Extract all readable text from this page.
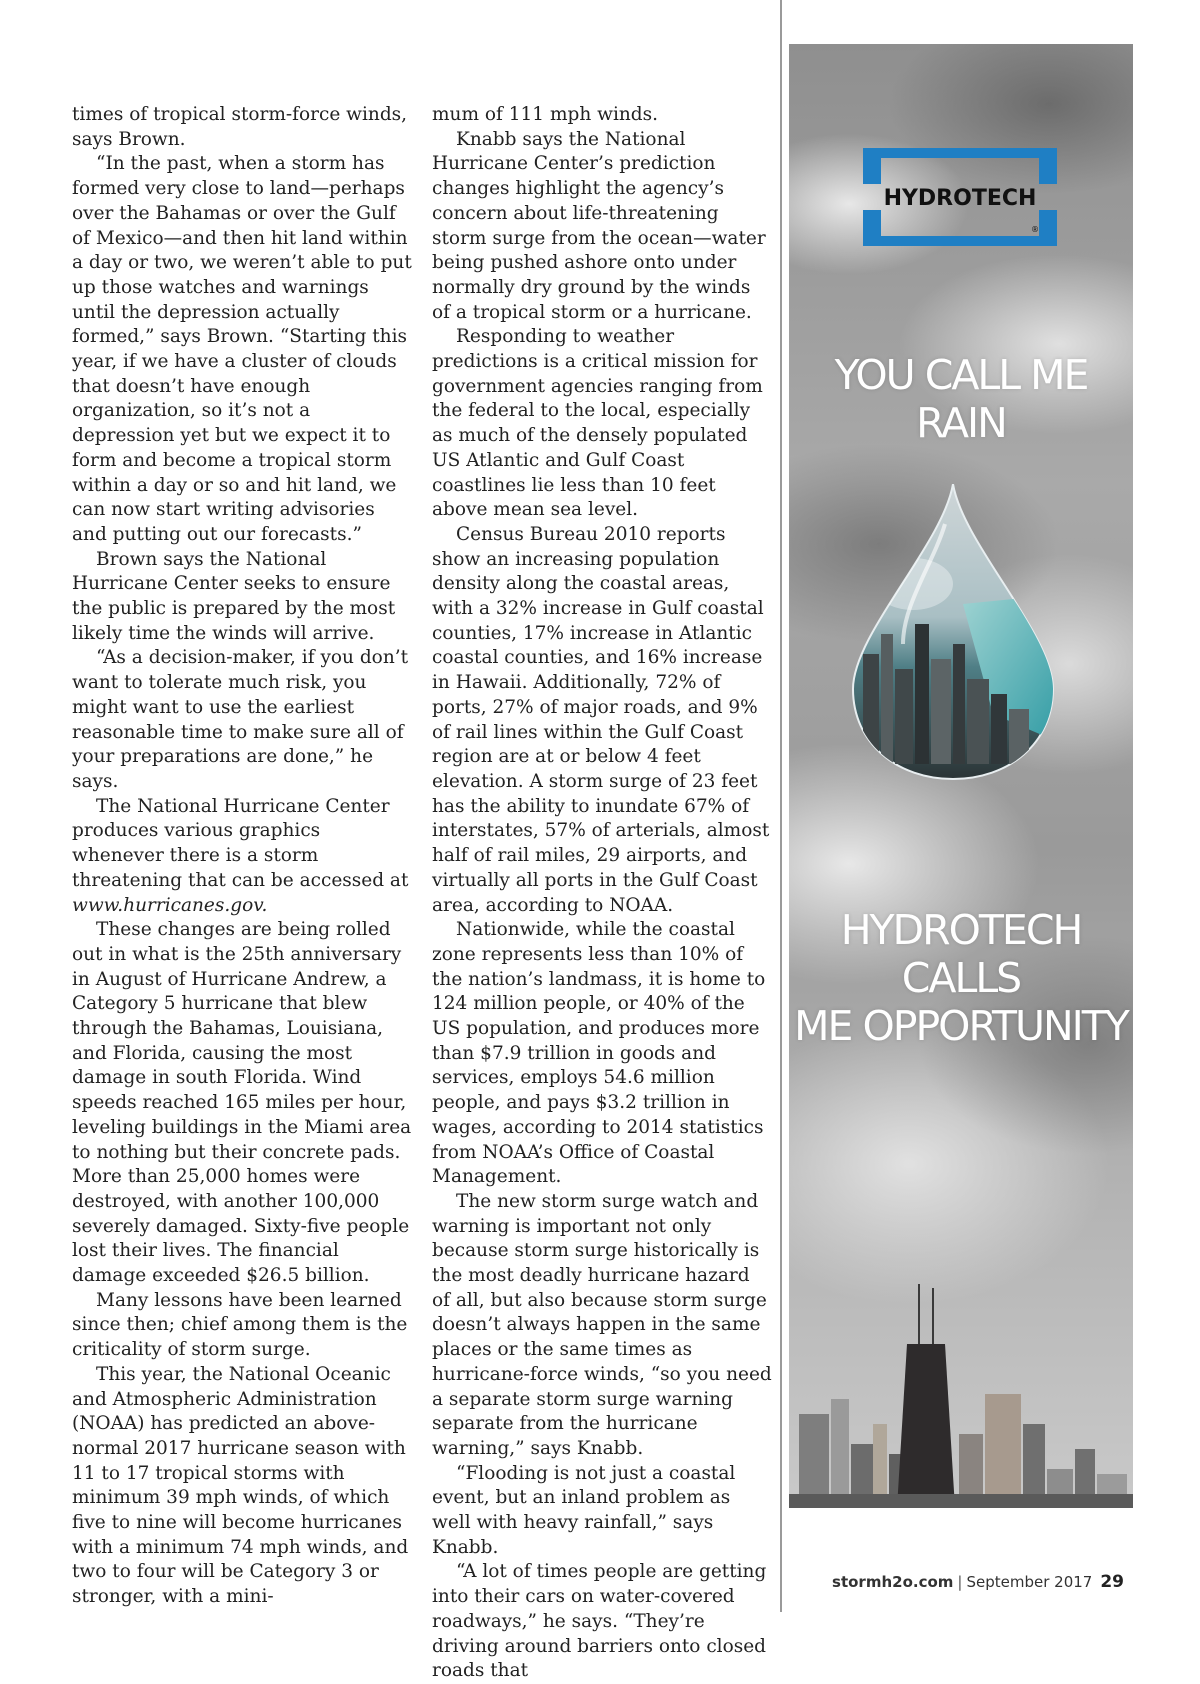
times of tropical storm-force winds, says Brown.

“In the past, when a storm has formed very close to land—perhaps over the Bahamas or over the Gulf of Mexico—and then hit land within a day or two, we weren’t able to put up those watches and warnings until the depression actually formed,” says Brown. “Starting this year, if we have a cluster of clouds that doesn’t have enough organization, so it’s not a depression yet but we expect it to form and become a tropical storm within a day or so and hit land, we can now start writing advisories and putting out our forecasts.”

Brown says the National Hurricane Center seeks to ensure the public is prepared by the most likely time the winds will arrive.

“As a decision-maker, if you don’t want to tolerate much risk, you might want to use the earliest reasonable time to make sure all of your preparations are done,” he says.

The National Hurricane Center produces various graphics whenever there is a storm threatening that can be accessed at www.hurricanes.gov.

These changes are being rolled out in what is the 25th anniversary in August of Hurricane Andrew, a Category 5 hurricane that blew through the Bahamas, Louisiana, and Florida, causing the most damage in south Florida. Wind speeds reached 165 miles per hour, leveling buildings in the Miami area to nothing but their concrete pads. More than 25,000 homes were destroyed, with another 100,000 severely damaged. Sixty-five people lost their lives. The financial damage exceeded $26.5 billion.

Many lessons have been learned since then; chief among them is the criticality of storm surge.

This year, the National Oceanic and Atmospheric Administration (NOAA) has predicted an above-normal 2017 hurricane season with 11 to 17 tropical storms with minimum 39 mph winds, of which five to nine will become hurricanes with a minimum 74 mph winds, and two to four will be Category 3 or stronger, with a mini-

mum of 111 mph winds.

Knabb says the National Hurricane Center’s prediction changes highlight the agency’s concern about life-threatening storm surge from the ocean—water being pushed ashore onto under normally dry ground by the winds of a tropical storm or a hurricane.

Responding to weather predictions is a critical mission for government agencies ranging from the federal to the local, especially as much of the densely populated US Atlantic and Gulf Coast coastlines lie less than 10 feet above mean sea level.

Census Bureau 2010 reports show an increasing population density along the coastal areas, with a 32% increase in Gulf coastal counties, 17% increase in Atlantic coastal counties, and 16% increase in Hawaii. Additionally, 72% of ports, 27% of major roads, and 9% of rail lines within the Gulf Coast region are at or below 4 feet elevation. A storm surge of 23 feet has the ability to inundate 67% of interstates, 57% of arterials, almost half of rail miles, 29 airports, and virtually all ports in the Gulf Coast area, according to NOAA.

Nationwide, while the coastal zone represents less than 10% of the nation’s landmass, it is home to 124 million people, or 40% of the US population, and produces more than $7.9 trillion in goods and services, employs 54.6 million people, and pays $3.2 trillion in wages, according to 2014 statistics from NOAA’s Office of Coastal Management.

The new storm surge watch and warning is important not only because storm surge historically is the most deadly hurricane hazard of all, but also because storm surge doesn’t always happen in the same places or the same times as hurricane-force winds, “so you need a separate storm surge warning separate from the hurricane warning,” says Knabb.

“Flooding is not just a coastal event, but an inland problem as well with heavy rainfall,” says Knabb.

“A lot of times people are getting into their cars on water-covered roadways,” he says. “They’re driving around barriers onto closed roads that

HYDROTECH
®
YOU CALL ME RAIN
HYDROTECH CALLS
ME OPPORTUNITY
stormh2o.com | September 2017 29
